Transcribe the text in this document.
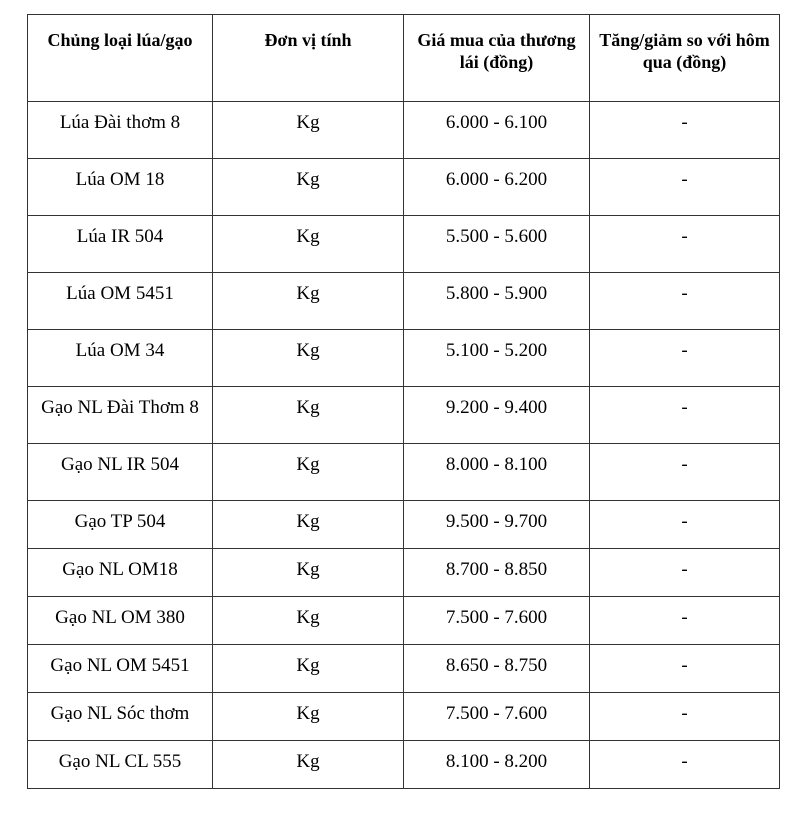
Chủng loại lúa/gạo	Đơn vị tính	Giá mua của thương lái (đồng)	Tăng/giảm so với hôm qua (đồng)

Lúa Đài thơm 8	Kg	6.000 - 6.100	-
Lúa OM 18	Kg	6.000 - 6.200	-
Lúa IR 504	Kg	5.500 - 5.600	-
Lúa OM 5451	Kg	5.800 - 5.900	-
Lúa OM 34	Kg	5.100 - 5.200	-
Gạo NL Đài Thơm 8	Kg	9.200 - 9.400	-
Gạo NL IR 504	Kg	8.000 - 8.100	-
Gạo TP 504	Kg	9.500 - 9.700	-
Gạo NL OM18	Kg	8.700 - 8.850	-
Gạo NL OM 380	Kg	7.500 - 7.600	-
Gạo NL OM 5451	Kg	8.650 - 8.750	-
Gạo NL Sóc thơm	Kg	7.500 - 7.600	-
Gạo NL CL 555	Kg	8.100 - 8.200	-
